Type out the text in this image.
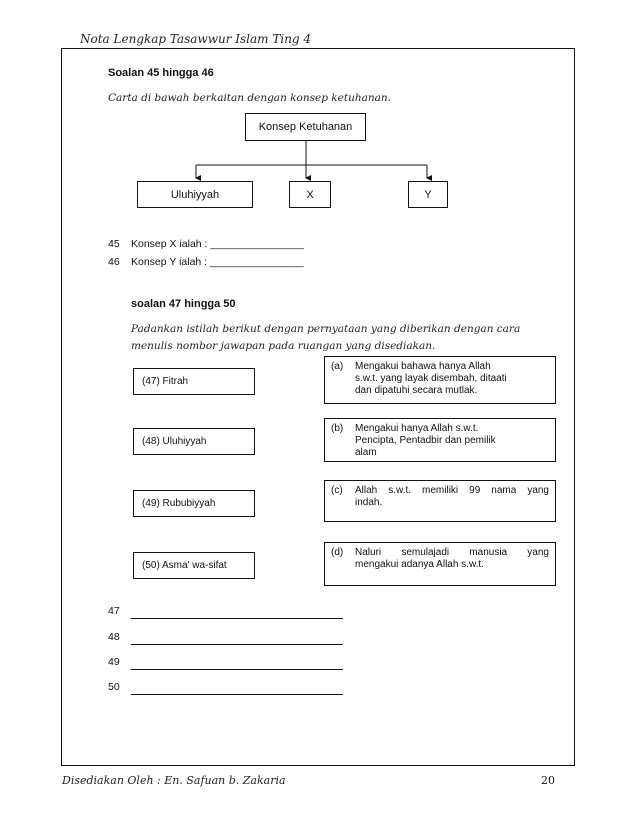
Nota Lengkap Tasawwur Islam Ting 4
Soalan 45 hingga 46
Carta di bawah berkaitan dengan konsep ketuhanan.
Konsep Ketuhanan
Uluhiyyah	X	Y
45 Konsep X ialah : ________________
46 Konsep Y ialah : ________________
soalan 47 hingga 50
Padankan istilah berikut dengan pernyataan yang diberikan dengan cara menulis nombor jawapan pada ruangan yang disediakan.
(47) Fitrah
(48) Uluhiyyah
(49) Rububiyyah
(50) Asma' wa-sifat
(a)	Mengakui bahawa hanya Allah
s.w.t. yang layak disembah, ditaati
dan dipatuhi secara mutlak.
(b)	Mengakui hanya Allah s.w.t.
Pencipta, Pentadbir dan pemilik
alam
(c)	Allah s.w.t. memiliki 99 nama yang
indah.
(d)	Naluri semulajadi manusia yang
mengakui adanya Allah s.w.t.
47
48
49
50
Disediakan Oleh : En. Safuan b. Zakaria	20
